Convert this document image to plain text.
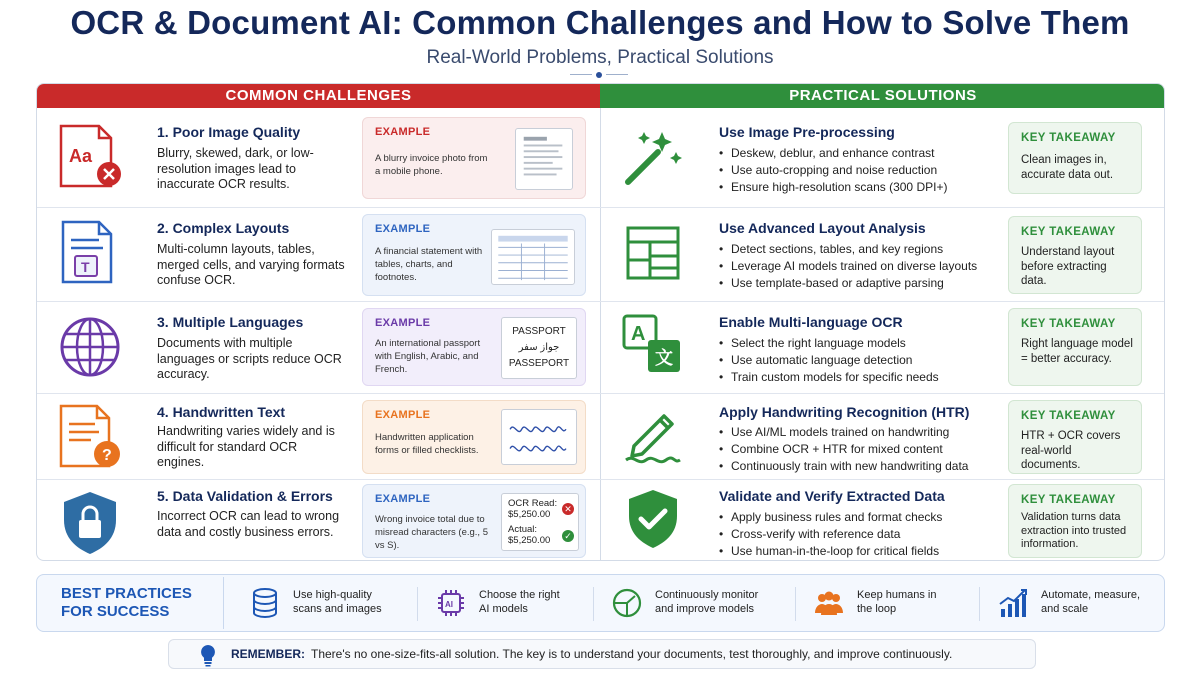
OCR & Document AI: Common Challenges and How to Solve Them
Real-World Problems, Practical Solutions
COMMON CHALLENGES	PRACTICAL SOLUTIONS
Aa
1. Poor Image Quality
Blurry, skewed, dark, or low-resolution images lead to inaccurate OCR results.
EXAMPLE
A blurry invoice photo from a mobile phone.
Use Image Pre-processing
• Deskew, deblur, and enhance contrast
• Use auto-cropping and noise reduction
• Ensure high-resolution scans (300 DPI+)
KEY TAKEAWAY
Clean images in, accurate data out.
T
2. Complex Layouts
Multi-column layouts, tables, merged cells, and varying formats confuse OCR.
EXAMPLE
A financial statement with tables, charts, and footnotes.
Use Advanced Layout Analysis
• Detect sections, tables, and key regions
• Leverage AI models trained on diverse layouts
• Use template-based or adaptive parsing
KEY TAKEAWAY
Understand layout before extracting data.
3. Multiple Languages
Documents with multiple languages or scripts reduce OCR accuracy.
EXAMPLE
An international passport with English, Arabic, and French.
PASSPORT
جواز سفر
PASSEPORT
A
文
Enable Multi-language OCR
• Select the right language models
• Use automatic language detection
• Train custom models for specific needs
KEY TAKEAWAY
Right language model = better accuracy.
?
4. Handwritten Text
Handwriting varies widely and is difficult for standard OCR engines.
EXAMPLE
Handwritten application forms or filled checklists.
Apply Handwriting Recognition (HTR)
• Use AI/ML models trained on handwriting
• Combine OCR + HTR for mixed content
• Continuously train with new handwriting data
KEY TAKEAWAY
HTR + OCR covers real-world documents.
5. Data Validation & Errors
Incorrect OCR can lead to wrong data and costly business errors.
EXAMPLE
Wrong invoice total due to misread characters (e.g., 5 vs S).
OCR Read:
$5,250.00 ✕
Actual:
$5,250.00 ✓
Validate and Verify Extracted Data
• Apply business rules and format checks
• Cross-verify with reference data
• Use human-in-the-loop for critical fields
KEY TAKEAWAY
Validation turns data extraction into trusted information.
BEST PRACTICES
FOR SUCCESS
Use high-quality
scans and images	AI
Choose the right
AI models
Continuously monitor
and improve models
Keep humans in
the loop
Automate, measure,
and scale
REMEMBER: There's no one-size-fits-all solution. The key is to understand your documents, test thoroughly, and improve continuously.
